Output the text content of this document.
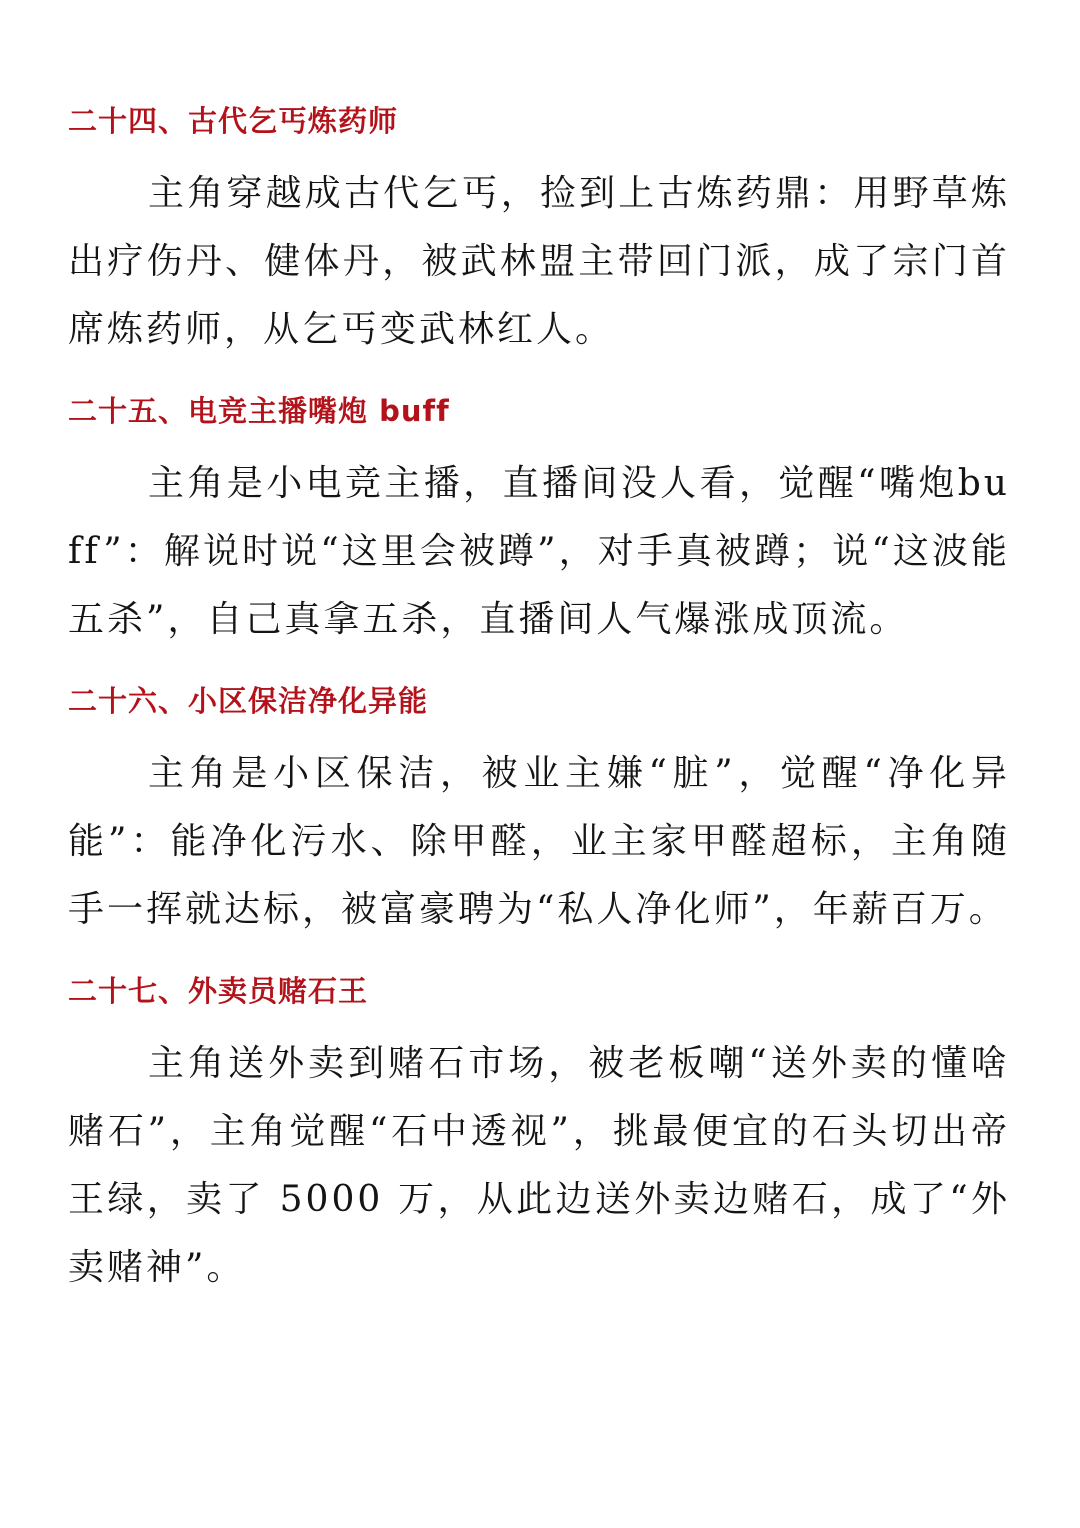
二十四、古代乞丐炼药师

主角穿越成古代乞丐，捡到上古炼药鼎：用野草炼出疗伤丹、健体丹，被武林盟主带回门派，成了宗门首席炼药师，从乞丐变武林红人。

二十五、电竞主播嘴炮 buff

主角是小电竞主播，直播间没人看，觉醒“嘴炮buff”：解说时说“这里会被蹲”，对手真被蹲；说“这波能五杀”，自己真拿五杀，直播间人气爆涨成顶流。

二十六、小区保洁净化异能

主角是小区保洁，被业主嫌“脏”，觉醒“净化异能”：能净化污水、除甲醛，业主家甲醛超标，主角随手一挥就达标，被富豪聘为“私人净化师”，年薪百万。

二十七、外卖员赌石王

主角送外卖到赌石市场，被老板嘲“送外卖的懂啥赌石”，主角觉醒“石中透视”，挑最便宜的石头切出帝王绿，卖了 5000 万，从此边送外卖边赌石，成了“外卖赌神”。
